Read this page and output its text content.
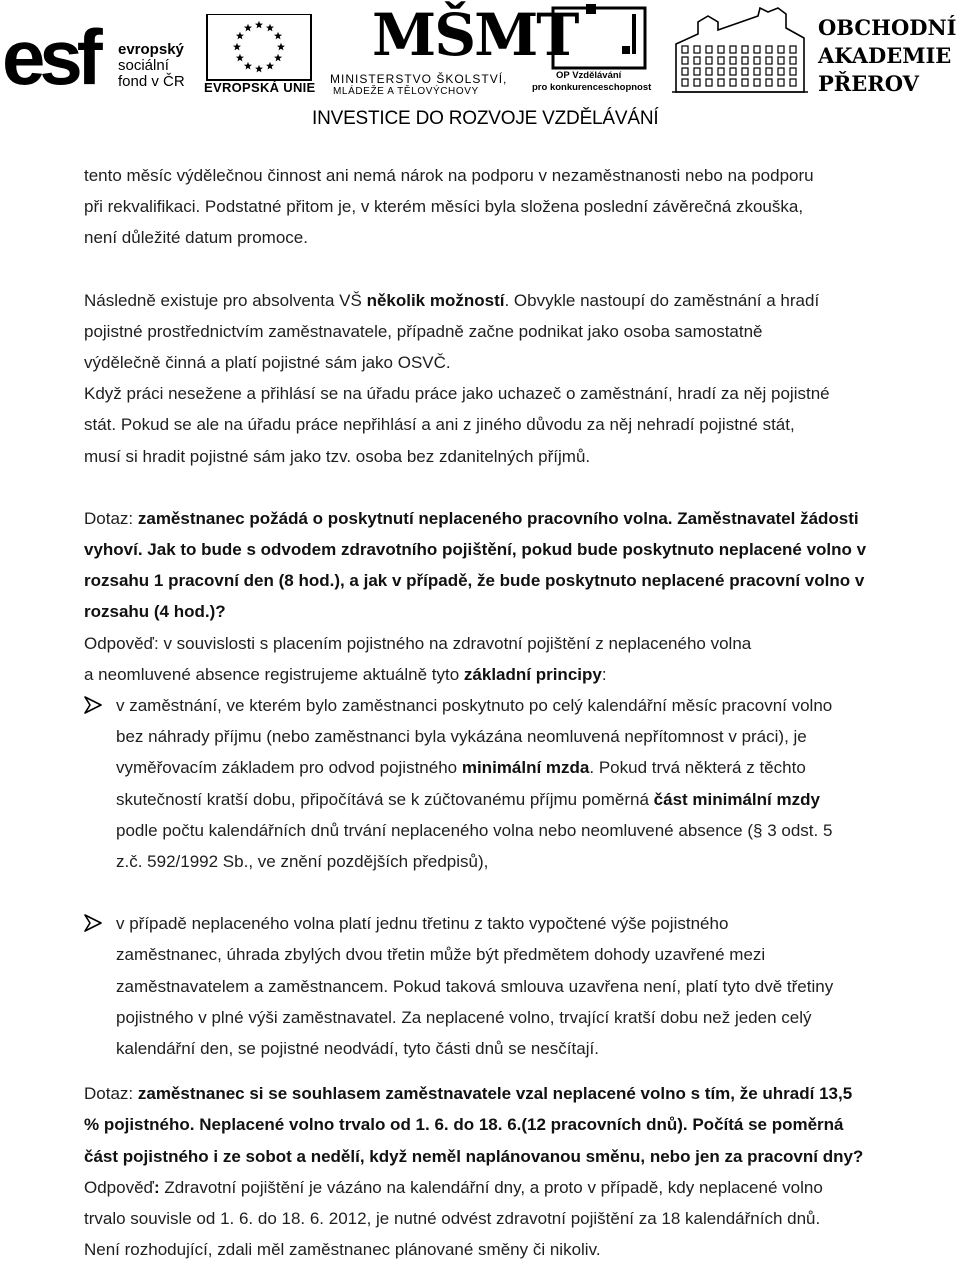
esf evropský
sociální
fond v ČR EVROPSKÁ UNIE
MŠMT
MINISTERSTVO ŠKOLSTVÍ,
MLÁDEŽE A TĚLOVÝCHOVY
OP Vzdělávání
pro konkurenceschopnost
OBCHODNÍ
AKADEMIE
PŘEROV
INVESTICE DO ROZVOJE VZDĚLÁVÁNÍ

tento měsíc výdělečnou činnost ani nemá nárok na podporu v nezaměstnanosti nebo na podporu

při rekvalifikaci. Podstatné přitom je, v kterém měsíci byla složena poslední závěrečná zkouška,

není důležité datum promoce.

Následně existuje pro absolventa VŠ několik možností. Obvykle nastoupí do zaměstnání a hradí

pojistné prostřednictvím zaměstnavatele, případně začne podnikat jako osoba samostatně

výdělečně činná a platí pojistné sám jako OSVČ.

Když práci nesežene a přihlásí se na úřadu práce jako uchazeč o zaměstnání, hradí za něj pojistné

stát. Pokud se ale na úřadu práce nepřihlásí a ani z jiného důvodu za něj nehradí pojistné stát,

musí si hradit pojistné sám jako tzv. osoba bez zdanitelných příjmů.

Dotaz: zaměstnanec požádá o poskytnutí neplaceného pracovního volna. Zaměstnavatel žádosti

vyhoví. Jak to bude s odvodem zdravotního pojištění, pokud bude poskytnuto neplacené volno v

rozsahu 1 pracovní den (8 hod.), a jak v případě, že bude poskytnuto neplacené pracovní volno v

rozsahu (4 hod.)?

Odpověď: v souvislosti s placením pojistného na zdravotní pojištění z neplaceného volna

a neomluvené absence registrujeme aktuálně tyto základní principy:

v zaměstnání, ve kterém bylo zaměstnanci poskytnuto po celý kalendářní měsíc pracovní volno

bez náhrady příjmu (nebo zaměstnanci byla vykázána neomluvená nepřítomnost v práci), je

vyměřovacím základem pro odvod pojistného minimální mzda. Pokud trvá některá z těchto

skutečností kratší dobu, připočítává se k zúčtovanému příjmu poměrná část minimální mzdy

podle počtu kalendářních dnů trvání neplaceného volna nebo neomluvené absence (§ 3 odst. 5

z.č. 592/1992 Sb., ve znění pozdějších předpisů),

v případě neplaceného volna platí jednu třetinu z takto vypočtené výše pojistného

zaměstnanec, úhrada zbylých dvou třetin může být předmětem dohody uzavřené mezi

zaměstnavatelem a zaměstnancem. Pokud taková smlouva uzavřena není, platí tyto dvě třetiny

pojistného v plné výši zaměstnavatel. Za neplacené volno, trvající kratší dobu než jeden celý

kalendářní den, se pojistné neodvádí, tyto části dnů se nesčítají.

Dotaz: zaměstnanec si se souhlasem zaměstnavatele vzal neplacené volno s tím, že uhradí 13,5

% pojistného. Neplacené volno trvalo od 1. 6. do 18. 6.(12 pracovních dnů). Počítá se poměrná

část pojistného i ze sobot a nedělí, když neměl naplánovanou směnu, nebo jen za pracovní dny?

Odpověď: Zdravotní pojištění je vázáno na kalendářní dny, a proto v případě, kdy neplacené volno

trvalo souvisle od 1. 6. do 18. 6. 2012, je nutné odvést zdravotní pojištění za 18 kalendářních dnů.

Není rozhodující, zdali měl zaměstnanec plánované směny či nikoliv.
